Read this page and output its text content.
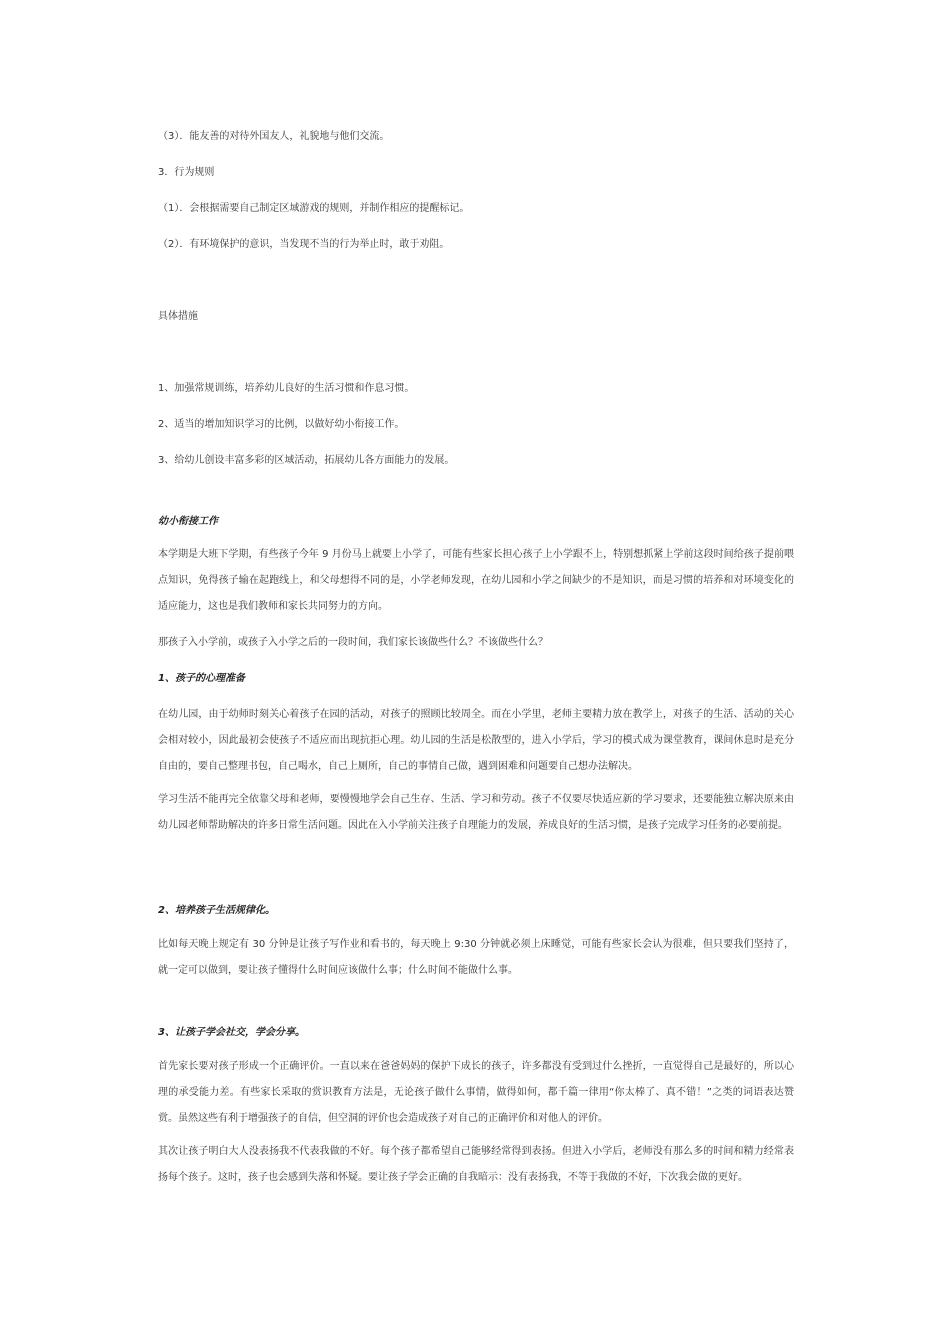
（3）．能友善的对待外国友人，礼貌地与他们交流。

3．行为规则

（1）．会根据需要自己制定区域游戏的规则，并制作相应的提醒标记。

（2）．有环境保护的意识，当发现不当的行为举止时，敢于劝阻。

具体措施

1、加强常规训练，培养幼儿良好的生活习惯和作息习惯。

2、适当的增加知识学习的比例，以做好幼小衔接工作。

3、给幼儿创设丰富多彩的区域活动，拓展幼儿各方面能力的发展。

幼小衔接工作

本学期是大班下学期，有些孩子今年 9 月份马上就要上小学了，可能有些家长担心孩子上小学跟不上，特别想抓紧上学前这段时间给孩子提前喂点知识，免得孩子输在起跑线上，和父母想得不同的是，小学老师发现，在幼儿园和小学之间缺少的不是知识，而是习惯的培养和对环境变化的适应能力，这也是我们教师和家长共同努力的方向。

那孩子入小学前，或孩子入小学之后的一段时间，我们家长该做些什么？不该做些什么？

1、孩子的心理准备

在幼儿园，由于幼师时刻关心着孩子在园的活动，对孩子的照顾比较周全。而在小学里，老师主要精力放在教学上，对孩子的生活、活动的关心会相对较小，因此最初会使孩子不适应而出现抗拒心理。幼儿园的生活是松散型的，进入小学后，学习的模式成为课堂教育，课间休息时是充分自由的，要自己整理书包，自己喝水，自己上厕所，自己的事情自己做，遇到困难和问题要自己想办法解决。

学习生活不能再完全依靠父母和老师，要慢慢地学会自己生存、生活、学习和劳动。孩子不仅要尽快适应新的学习要求，还要能独立解决原来由幼儿园老师帮助解决的许多日常生活问题。因此在入小学前关注孩子自理能力的发展，养成良好的生活习惯，是孩子完成学习任务的必要前提。

2、培养孩子生活规律化。

比如每天晚上规定有 30 分钟是让孩子写作业和看书的，每天晚上 9:30 分钟就必须上床睡觉，可能有些家长会认为很难，但只要我们坚持了，就一定可以做到，要让孩子懂得什么时间应该做什么事；什么时间不能做什么事。

3、让孩子学会社交，学会分享。

首先家长要对孩子形成一个正确评价。一直以来在爸爸妈妈的保护下成长的孩子，许多都没有受到过什么挫折，一直觉得自己是最好的，所以心理的承受能力差。有些家长采取的赏识教育方法是，无论孩子做什么事情，做得如何，都千篇一律用“你太棒了、真不错！”之类的词语表达赞赏。虽然这些有利于增强孩子的自信，但空洞的评价也会造成孩子对自己的正确评价和对他人的评价。

其次让孩子明白大人没表扬我不代表我做的不好。每个孩子都希望自己能够经常得到表扬。但进入小学后，老师没有那么多的时间和精力经常表扬每个孩子。这时，孩子也会感到失落和怀疑。要让孩子学会正确的自我暗示：没有表扬我，不等于我做的不好，下次我会做的更好。
